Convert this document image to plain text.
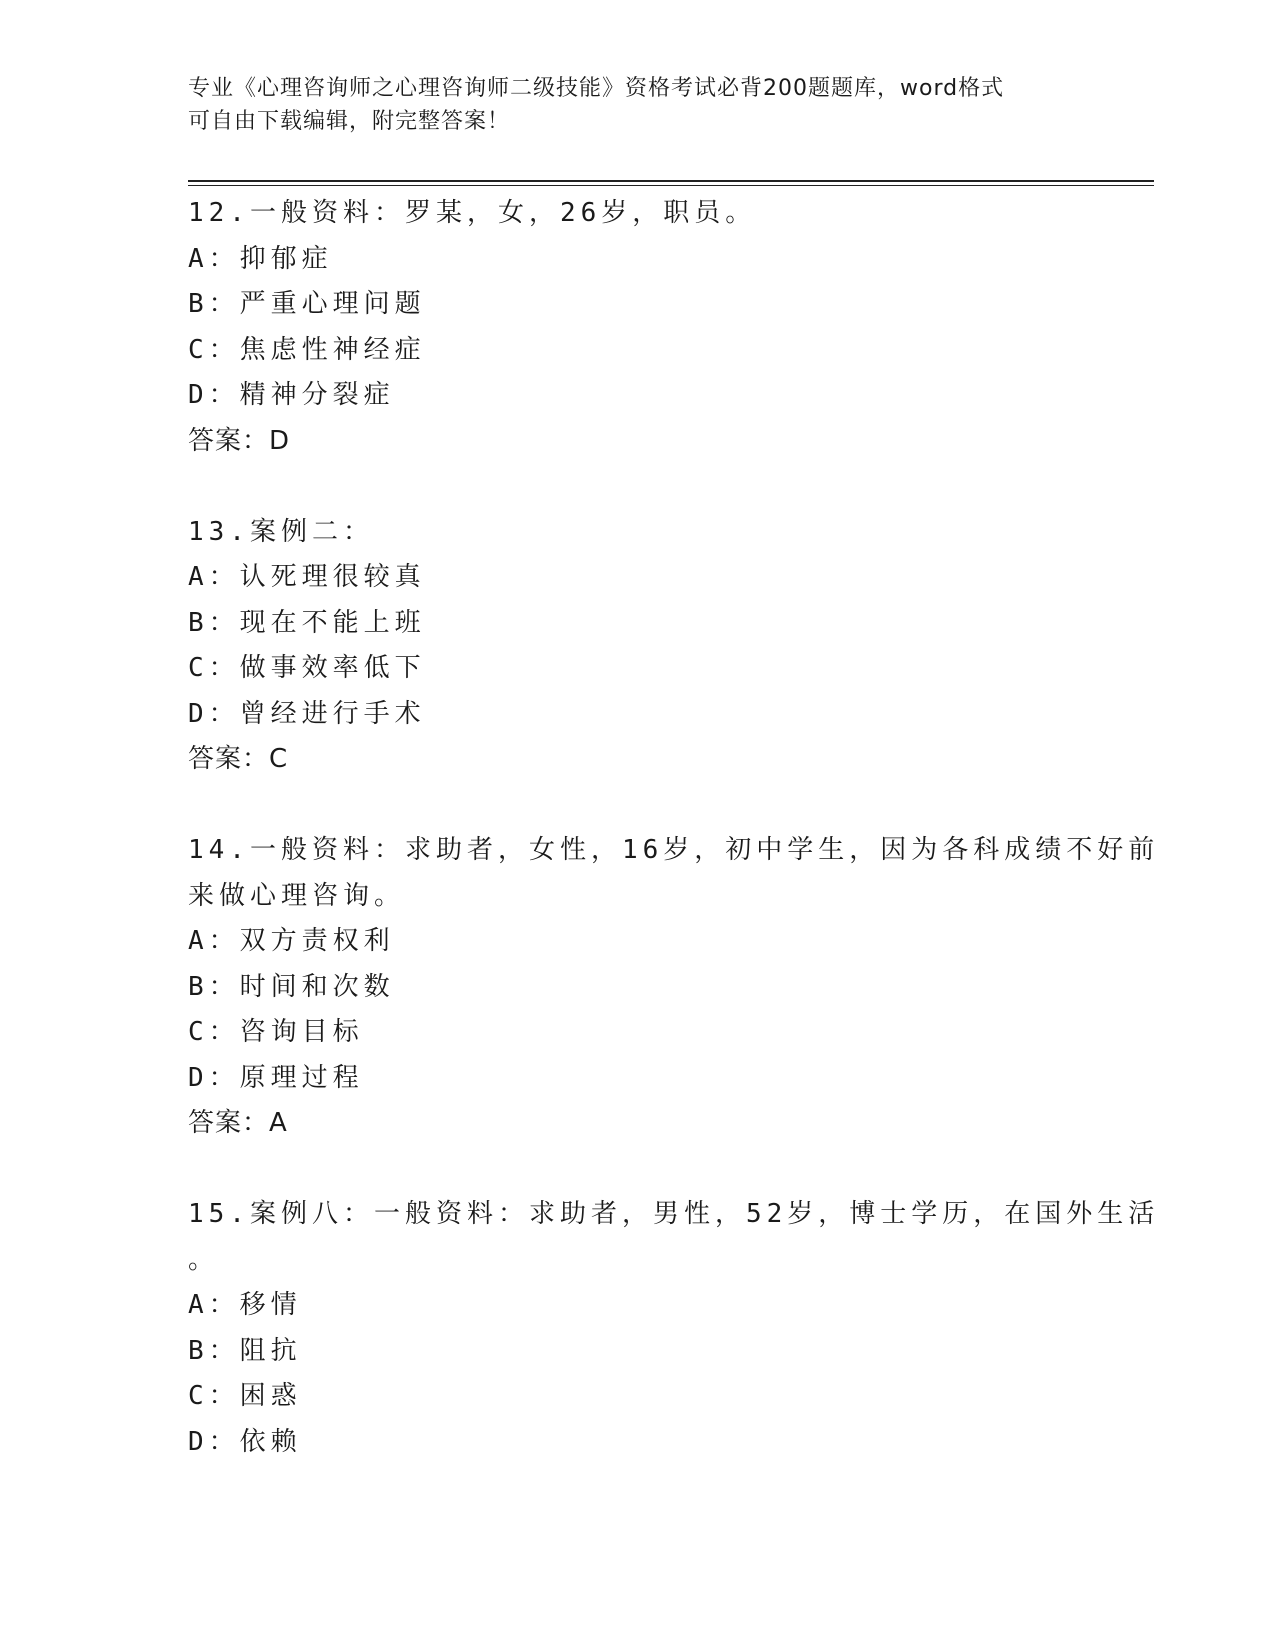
专业《心理咨询师之心理咨询师二级技能》资格考试必背200题题库，word格式
可自由下载编辑，附完整答案！
12.一般资料：罗某，女，26岁，职员。
A：抑郁症
B：严重心理问题
C：焦虑性神经症
D：精神分裂症
答案：D
13.案例二：
A：认死理很较真
B：现在不能上班
C：做事效率低下
D：曾经进行手术
答案：C
14.一般资料：求助者，女性，16岁，初中学生，因为各科成绩不好前
来做心理咨询。
A：双方责权利
B：时间和次数
C：咨询目标
D：原理过程
答案：A
15.案例八：一般资料：求助者，男性，52岁，博士学历，在国外生活
。
A：移情
B：阻抗
C：困惑
D：依赖
